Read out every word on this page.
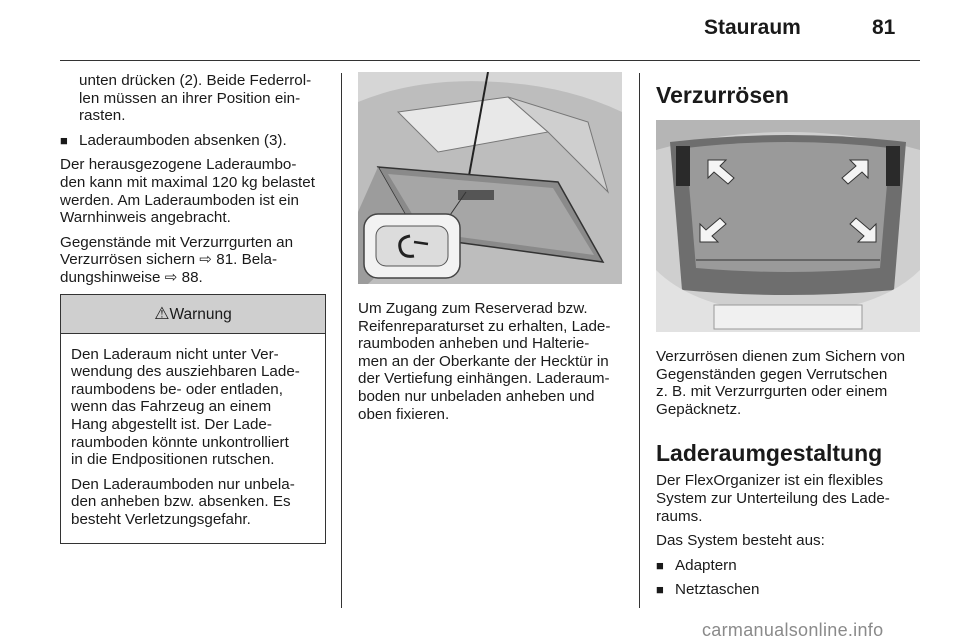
Stauraum	81

unten drücken (2). Beide Federrol-
len müssen an ihrer Position ein-
rasten.

■ Laderaumboden absenken (3).

Der herausgezogene Laderaumbo-
den kann mit maximal 120 kg belastet
werden. Am Laderaumboden ist ein
Warnhinweis angebracht.

Gegenstände mit Verzurrgurten an
Verzurrösen sichern ⇨ 81. Bela-
dungshinweise ⇨ 88.

⚠Warnung

Den Laderaum nicht unter Ver-
wendung des ausziehbaren Lade-
raumbodens be- oder entladen,
wenn das Fahrzeug an einem
Hang abgestellt ist. Der Lade-
raumboden könnte unkontrolliert
in die Endpositionen rutschen.

Den Laderaumboden nur unbela-
den anheben bzw. absenken. Es
besteht Verletzungsgefahr.

Um Zugang zum Reserverad bzw.
Reifenreparaturset zu erhalten, Lade-
raumboden anheben und Halterie-
men an der Oberkante der Hecktür in
der Vertiefung einhängen. Laderaum-
boden nur unbeladen anheben und
oben fixieren.

Verzurrösen

Verzurrösen dienen zum Sichern von
Gegenständen gegen Verrutschen
z. B. mit Verzurrgurten oder einem
Gepäcknetz.

Laderaumgestaltung

Der FlexOrganizer ist ein flexibles
System zur Unterteilung des Lade-
raums.

Das System besteht aus:

■ Adaptern

■ Netztaschen

carmanualsonline.info
